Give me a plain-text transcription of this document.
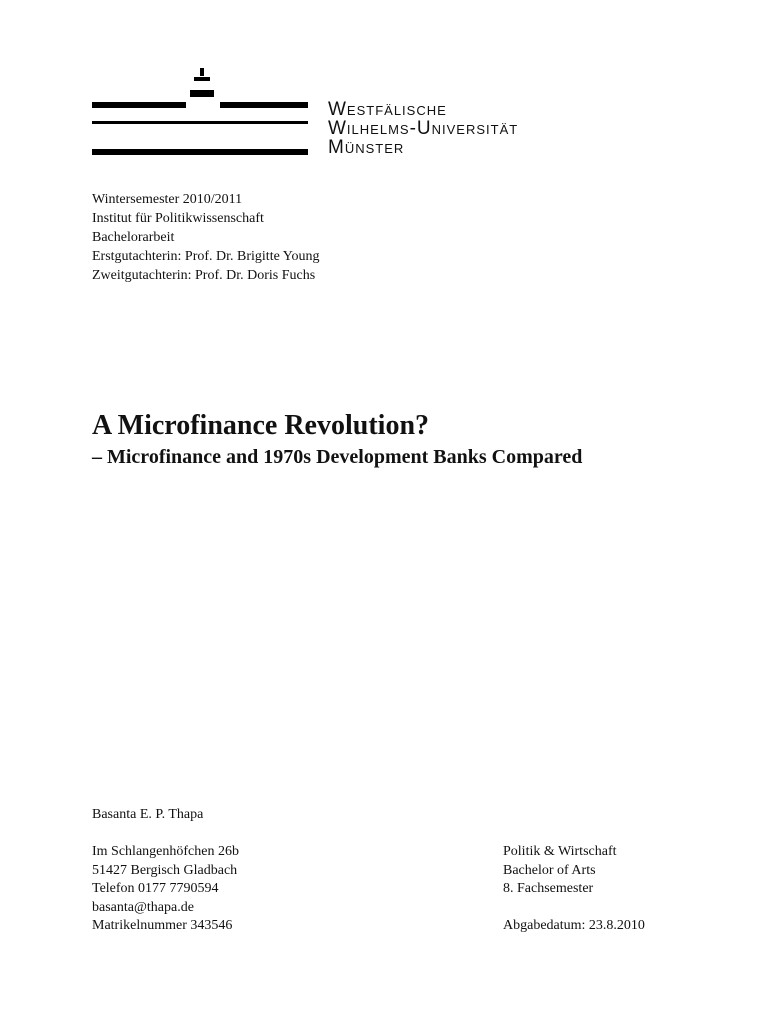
Westfälische
Wilhelms-Universität
Münster
Wintersemester 2010/2011
Institut für Politikwissenschaft
Bachelorarbeit
Erstgutachterin: Prof. Dr. Brigitte Young
Zweitgutachterin: Prof. Dr. Doris Fuchs
A Microfinance Revolution?
– Microfinance and 1970s Development Banks Compared
Basanta E. P. Thapa
Im Schlangenhöfchen 26b
51427 Bergisch Gladbach
Telefon 0177 7790594
basanta@thapa.de
Matrikelnummer 343546
Politik & Wirtschaft
Bachelor of Arts
8. Fachsemester
Abgabedatum: 23.8.2010
